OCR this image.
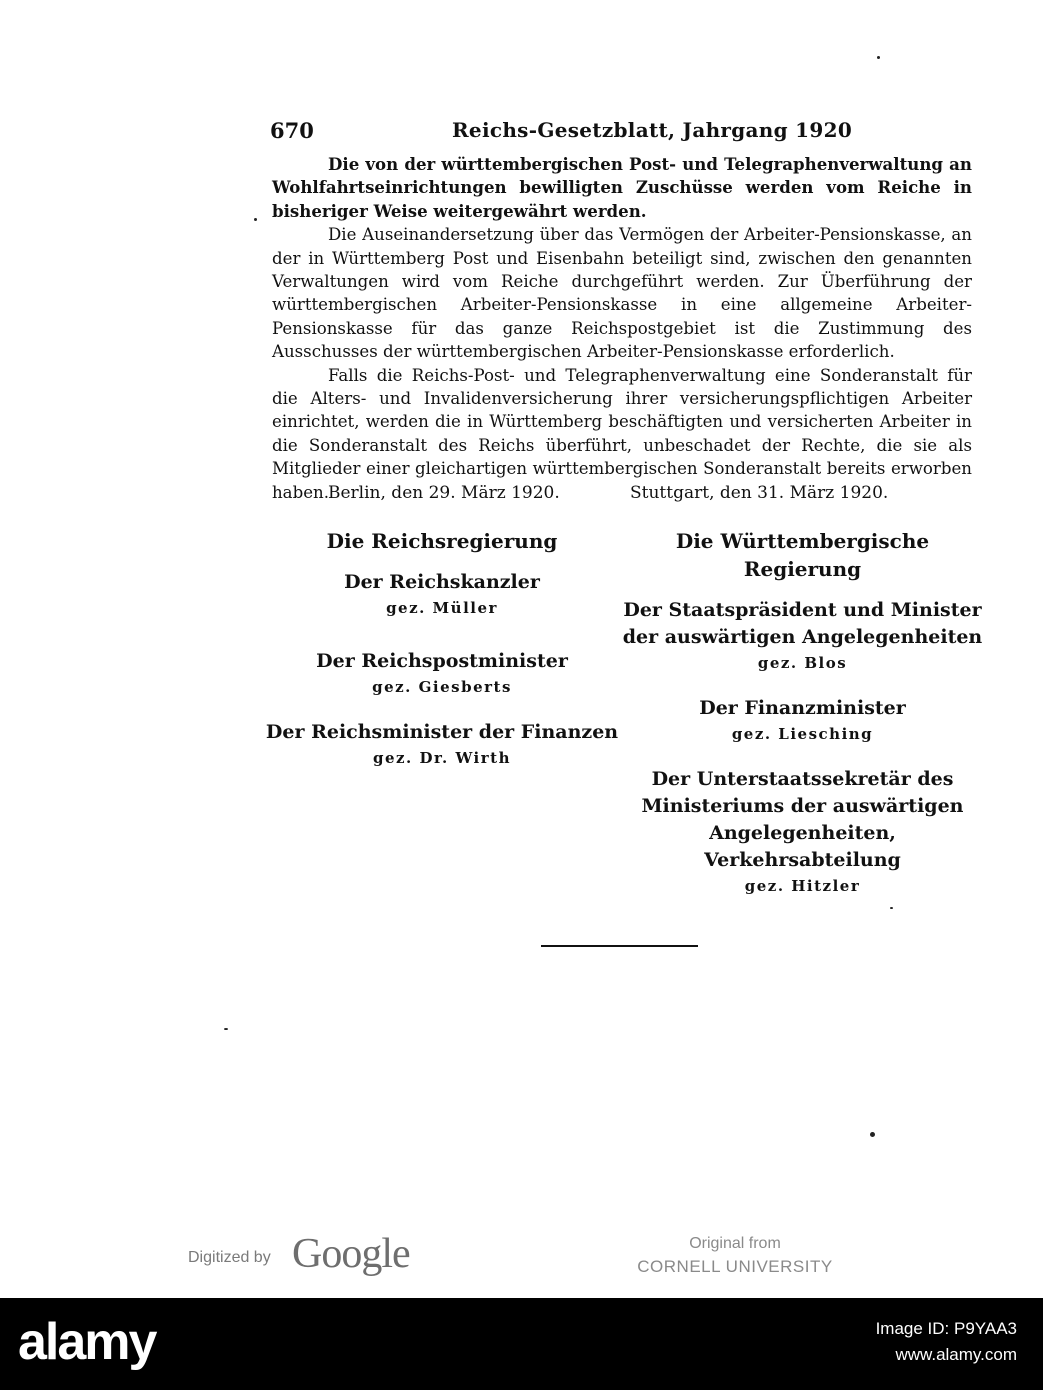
670	Reichs-Gesetzblatt, Jahrgang 1920

Die von der württembergischen Post- und Telegraphenverwaltung an Wohlfahrtseinrichtungen bewilligten Zuschüsse werden vom Reiche in bisheriger Weise weitergewährt werden.

Die Auseinandersetzung über das Vermögen der Arbeiter-Pensionskasse, an der in Württemberg Post und Eisenbahn beteiligt sind, zwischen den genannten Verwaltungen wird vom Reiche durchgeführt werden. Zur Überführung der württembergischen Arbeiter-Pensionskasse in eine allgemeine Arbeiter-Pensionskasse für das ganze Reichspostgebiet ist die Zustimmung des Ausschusses der württembergischen Arbeiter-Pensionskasse erforderlich.

Falls die Reichs-Post- und Telegraphenverwaltung eine Sonderanstalt für die Alters- und Invalidenversicherung ihrer versicherungspflichtigen Arbeiter einrichtet, werden die in Württemberg beschäftigten und versicherten Arbeiter in die Sonderanstalt des Reichs überführt, unbeschadet der Rechte, die sie als Mitglieder einer gleichartigen württembergischen Sonderanstalt bereits erworben haben. Berlin, den 29. März 1920.	Stuttgart, den 31. März 1920.
Die Reichsregierung
Der Reichskanzler
gez. Müller
Der Reichspostminister
gez. Giesberts
Der Reichsminister der Finanzen
gez. Dr. Wirth
Die Württembergische Regierung
Der Staatspräsident und Minister der auswärtigen Angelegenheiten
gez. Blos
Der Finanzminister
gez. Liesching
Der Unterstaatssekretär des Ministeriums der auswärtigen Angelegenheiten, Verkehrsabteilung
gez. Hitzler
Digitized by Google	Original from
CORNELL UNIVERSITY
alamy	Image ID: P9YAA3
www.alamy.com
